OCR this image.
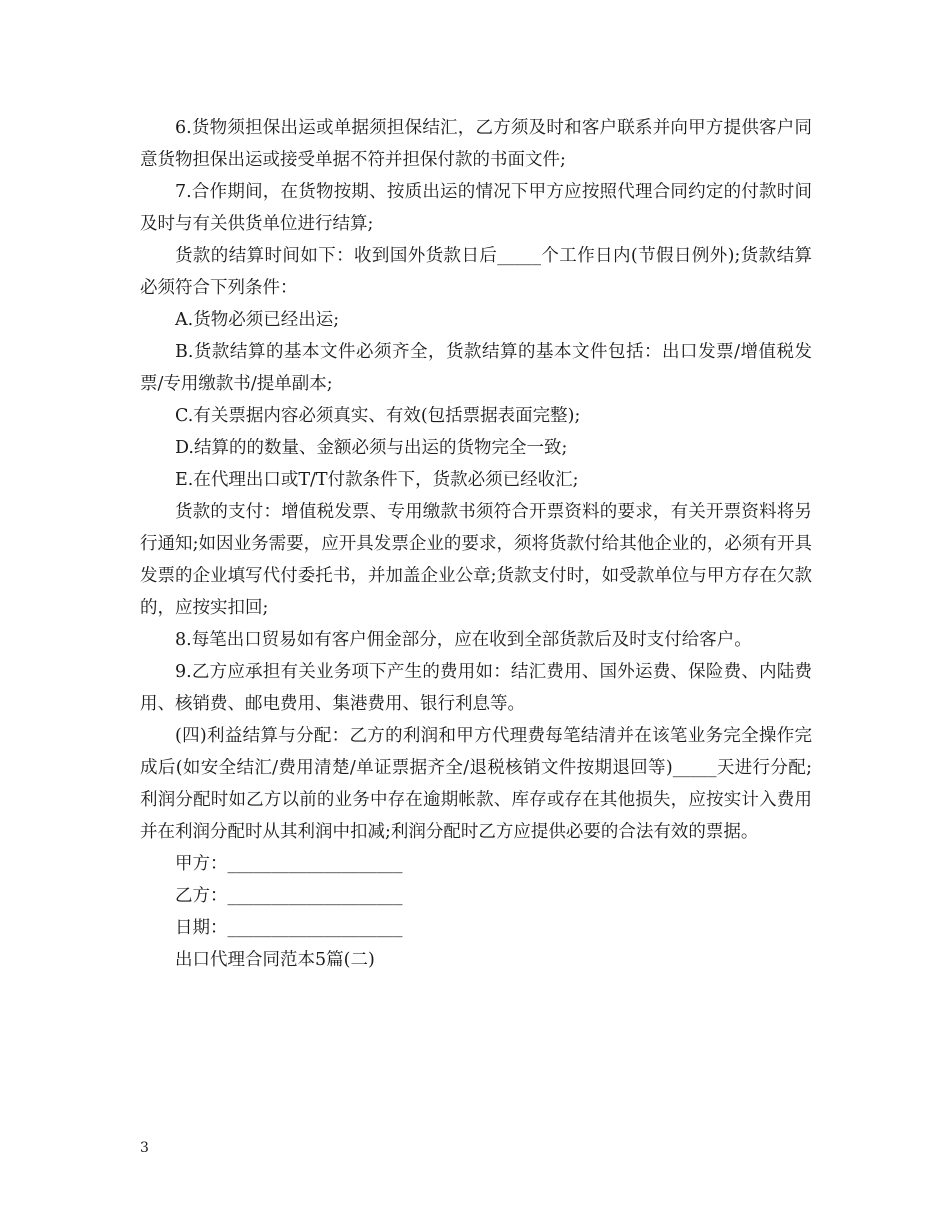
6.货物须担保出运或单据须担保结汇，乙方须及时和客户联系并向甲方提供客户同意货物担保出运或接受单据不符并担保付款的书面文件;

7.合作期间，在货物按期、按质出运的情况下甲方应按照代理合同约定的付款时间及时与有关供货单位进行结算;

货款的结算时间如下：收到国外货款日后_____个工作日内(节假日例外);货款结算必须符合下列条件：

A.货物必须已经出运;

B.货款结算的基本文件必须齐全，货款结算的基本文件包括：出口发票/增值税发票/专用缴款书/提单副本;

C.有关票据内容必须真实、有效(包括票据表面完整);

D.结算的的数量、金额必须与出运的货物完全一致;

E.在代理出口或T/T付款条件下，货款必须已经收汇;

货款的支付：增值税发票、专用缴款书须符合开票资料的要求，有关开票资料将另行通知;如因业务需要，应开具发票企业的要求，须将货款付给其他企业的，必须有开具发票的企业填写代付委托书，并加盖企业公章;货款支付时，如受款单位与甲方存在欠款的，应按实扣回;

8.每笔出口贸易如有客户佣金部分，应在收到全部货款后及时支付给客户。

9.乙方应承担有关业务项下产生的费用如：结汇费用、国外运费、保险费、内陆费用、核销费、邮电费用、集港费用、银行利息等。

(四)利益结算与分配：乙方的利润和甲方代理费每笔结清并在该笔业务完全操作完成后(如安全结汇/费用清楚/单证票据齐全/退税核销文件按期退回等)_____天进行分配;利润分配时如乙方以前的业务中存在逾期帐款、库存或存在其他损失，应按实计入费用并在利润分配时从其利润中扣减;利润分配时乙方应提供必要的合法有效的票据。

甲方：____________________

乙方：____________________

日期：____________________

出口代理合同范本5篇(二)

3
